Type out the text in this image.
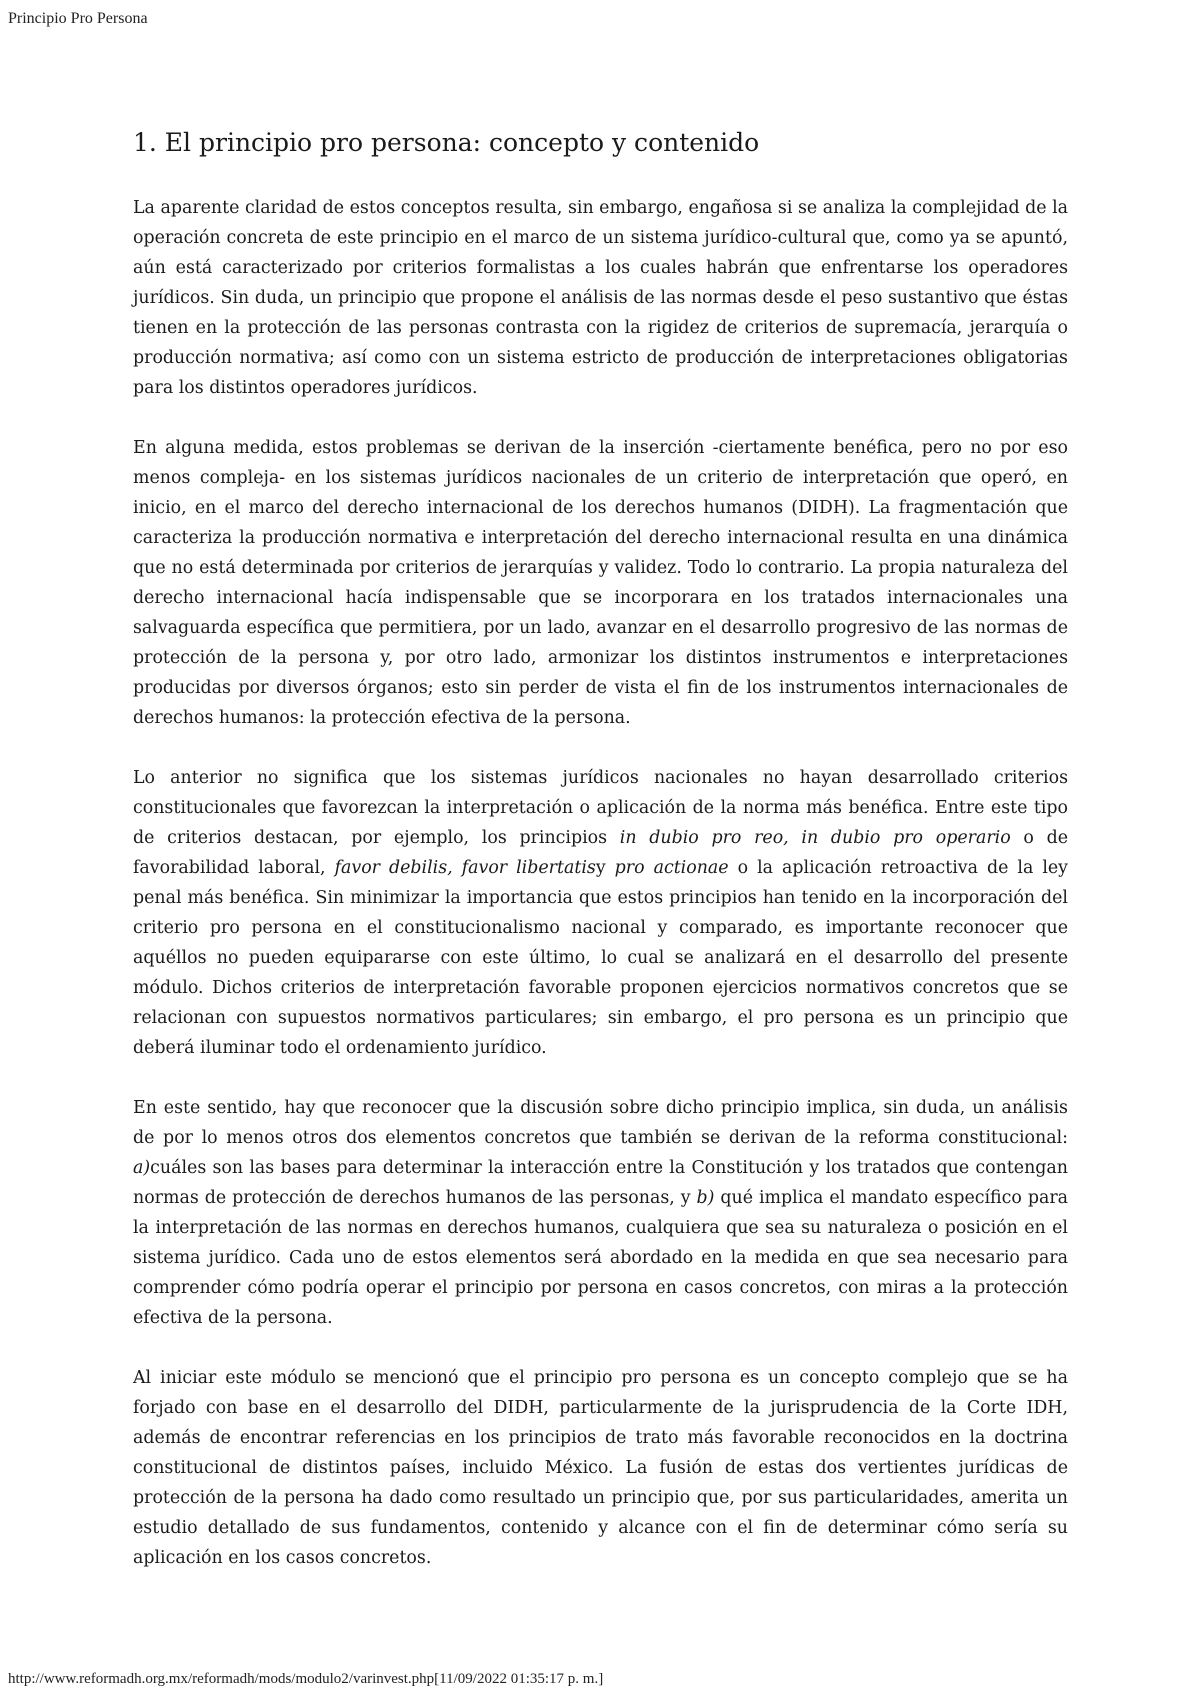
Principio Pro Persona
1. El principio pro persona: concepto y contenido

La aparente claridad de estos conceptos resulta, sin embargo, engañosa si se analiza la complejidad de la operación concreta de este principio en el marco de un sistema jurídico-cultural que, como ya se apuntó, aún está caracterizado por criterios formalistas a los cuales habrán que enfrentarse los operadores jurídicos. Sin duda, un principio que propone el análisis de las normas desde el peso sustantivo que éstas tienen en la protección de las personas contrasta con la rigidez de criterios de supremacía, jerarquía o producción normativa; así como con un sistema estricto de producción de interpretaciones obligatorias para los distintos operadores jurídicos.

En alguna medida, estos problemas se derivan de la inserción -ciertamente benéfica, pero no por eso menos compleja- en los sistemas jurídicos nacionales de un criterio de interpretación que operó, en inicio, en el marco del derecho internacional de los derechos humanos (DIDH). La fragmentación que caracteriza la producción normativa e interpretación del derecho internacional resulta en una dinámica que no está determinada por criterios de jerarquías y validez. Todo lo contrario. La propia naturaleza del derecho internacional hacía indispensable que se incorporara en los tratados internacionales una salvaguarda específica que permitiera, por un lado, avanzar en el desarrollo progresivo de las normas de protección de la persona y, por otro lado, armonizar los distintos instrumentos e interpretaciones producidas por diversos órganos; esto sin perder de vista el fin de los instrumentos internacionales de derechos humanos: la protección efectiva de la persona.

Lo anterior no significa que los sistemas jurídicos nacionales no hayan desarrollado criterios constitucionales que favorezcan la interpretación o aplicación de la norma más benéfica. Entre este tipo de criterios destacan, por ejemplo, los principios in dubio pro reo, in dubio pro operario o de favorabilidad laboral, favor debilis, favor libertatisy pro actionae o la aplicación retroactiva de la ley penal más benéfica. Sin minimizar la importancia que estos principios han tenido en la incorporación del criterio pro persona en el constitucionalismo nacional y comparado, es importante reconocer que aquéllos no pueden equipararse con este último, lo cual se analizará en el desarrollo del presente módulo. Dichos criterios de interpretación favorable proponen ejercicios normativos concretos que se relacionan con supuestos normativos particulares; sin embargo, el pro persona es un principio que deberá iluminar todo el ordenamiento jurídico.

En este sentido, hay que reconocer que la discusión sobre dicho principio implica, sin duda, un análisis de por lo menos otros dos elementos concretos que también se derivan de la reforma constitucional: a)cuáles son las bases para determinar la interacción entre la Constitución y los tratados que contengan normas de protección de derechos humanos de las personas, y b) qué implica el mandato específico para la interpretación de las normas en derechos humanos, cualquiera que sea su naturaleza o posición en el sistema jurídico. Cada uno de estos elementos será abordado en la medida en que sea necesario para comprender cómo podría operar el principio por persona en casos concretos, con miras a la protección efectiva de la persona.

Al iniciar este módulo se mencionó que el principio pro persona es un concepto complejo que se ha forjado con base en el desarrollo del DIDH, particularmente de la jurisprudencia de la Corte IDH, además de encontrar referencias en los principios de trato más favorable reconocidos en la doctrina constitucional de distintos países, incluido México. La fusión de estas dos vertientes jurídicas de protección de la persona ha dado como resultado un principio que, por sus particularidades, amerita un estudio detallado de sus fundamentos, contenido y alcance con el fin de determinar cómo sería su aplicación en los casos concretos.

http://www.reformadh.org.mx/reformadh/mods/modulo2/varinvest.php[11/09/2022 01:35:17 p. m.]
